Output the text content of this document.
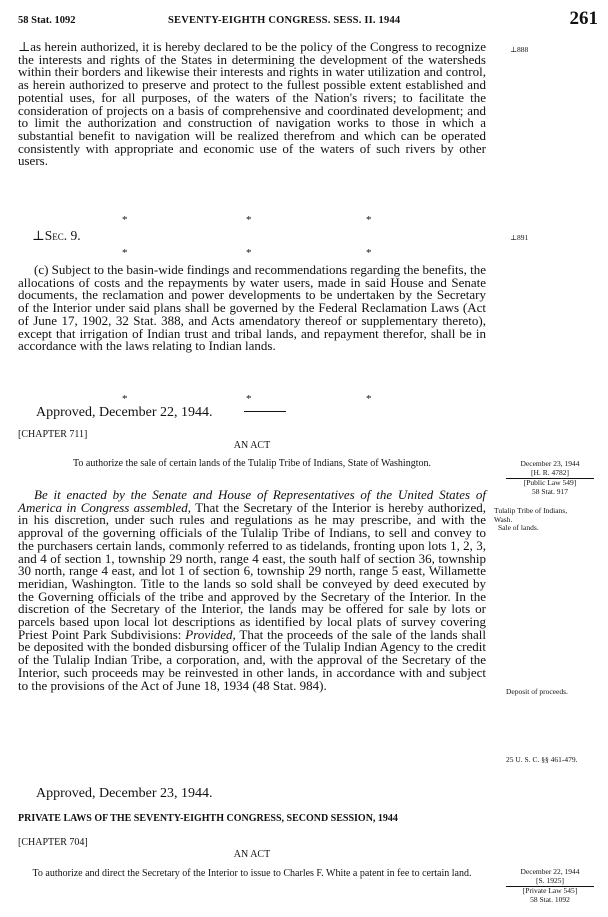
58 Stat. 1092	SEVENTY-EIGHTH CONGRESS. SESS. II. 1944	261

⊥as herein authorized, it is hereby declared to be the policy of the Congress to recognize the interests and rights of the States in determining the development of the watersheds within their borders and likewise their interests and rights in water utilization and control, as herein authorized to preserve and protect to the fullest possible extent established and potential uses, for all purposes, of the waters of the Nation's rivers; to facilitate the consideration of projects on a basis of comprehensive and coordinated development; and to limit the authorization and construction of navigation works to those in which a substantial benefit to navigation will be realized therefrom and which can be operated consistently with appropriate and economic use of the waters of such rivers by other users.

⊥888
*	*	*
⊥Sec. 9.	⊥891
*	*	*

(c) Subject to the basin-wide findings and recommendations regarding the benefits, the allocations of costs and the repayments by water users, made in said House and Senate documents, the reclamation and power developments to be undertaken by the Secretary of the Interior under said plans shall be governed by the Federal Reclamation Laws (Act of June 17, 1902, 32 Stat. 388, and Acts amendatory thereof or supplementary thereto), except that irrigation of Indian trust and tribal lands, and repayment therefor, shall be in accordance with the laws relating to Indian lands.

*	*	*
Approved, December 22, 1944.
[CHAPTER 711]
AN ACT
To authorize the sale of certain lands of the Tulalip Tribe of Indians, State of Washington.	December 23, 1944
[H. R. 4782]
[Public Law 549]
58 Stat. 917

Be it enacted by the Senate and House of Representatives of the United States of America in Congress assembled, That the Secretary of the Interior is hereby authorized, in his discretion, under such rules and regulations as he may prescribe, and with the approval of the governing officials of the Tulalip Tribe of Indians, to sell and convey to the purchasers certain lands, commonly referred to as tidelands, fronting upon lots 1, 2, 3, and 4 of section 1, township 29 north, range 4 east, the south half of section 36, township 30 north, range 4 east, and lot 1 of section 6, township 29 north, range 5 east, Willamette meridian, Washington. Title to the lands so sold shall be conveyed by deed executed by the Governing officials of the tribe and approved by the Secretary of the Interior. In the discretion of the Secretary of the Interior, the lands may be offered for sale by lots or parcels based upon local lot descriptions as identified by local plats of survey covering Priest Point Park Subdivisions: Provided, That the proceeds of the sale of the lands shall be deposited with the bonded disbursing officer of the Tulalip Indian Agency to the credit of the Tulalip Indian Tribe, a corporation, and, with the approval of the Secretary of the Interior, such proceeds may be reinvested in other lands, in accordance with and subject to the provisions of the Act of June 18, 1934 (48 Stat. 984).

Tulalip Tribe of Indians, Wash.
Sale of lands.
Deposit of proceeds.
25 U. S. C. §§ 461-479.
Approved, December 23, 1944.
PRIVATE LAWS OF THE SEVENTY-EIGHTH CONGRESS, SECOND SESSION, 1944
[CHAPTER 704]
AN ACT
To authorize and direct the Secretary of the Interior to issue to Charles F. White a patent in fee to certain land.	December 22, 1944
[S. 1925]
[Private Law 545]
58 Stat. 1092
